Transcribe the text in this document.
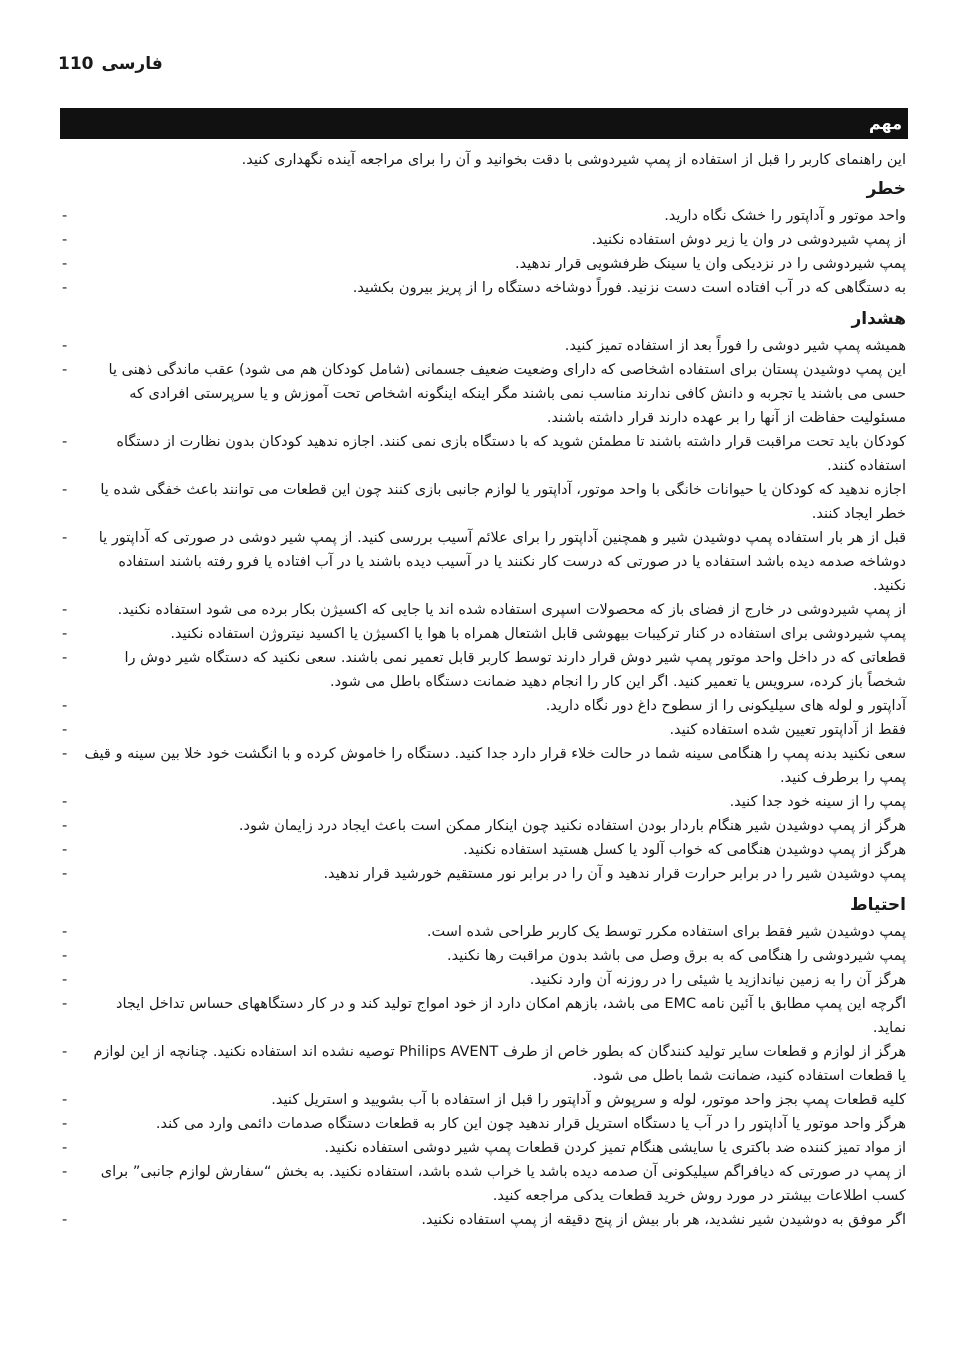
110 فارسی
مهم

این راهنمای کاربر را قبل از استفاده از پمپ شیردوشی با دقت بخوانید و آن را برای مراجعه آینده نگهداری کنید.

خطر
واحد موتور و آداپتور را خشک نگاه دارید. -
از پمپ شیردوشی در وان یا زیر دوش استفاده نکنید. -
پمپ شیردوشی را در نزدیکی وان یا سینک ظرفشویی قرار ندهید. -
به دستگاهی که در آب افتاده است دست نزنید. فوراً دوشاخه دستگاه را از پریز بیرون بکشید. -
هشدار
همیشه پمپ شیر دوشی را فوراً بعد از استفاده تمیز کنید. -
این پمپ دوشیدن پستان برای استفاده اشخاصی که دارای وضعیت ضعیف جسمانی (شامل کودکان هم می شود) عقب ماندگی ذهنی یا حسی می باشند یا تجربه و دانش کافی ندارند مناسب نمی باشند مگر اینکه اینگونه اشخاص تحت آموزش و یا سرپرستی افرادی که مسئولیت حفاظت از آنها را بر عهده دارند قرار داشته باشند. -
کودکان باید تحت مراقبت قرار داشته باشند تا مطمئن شوید که با دستگاه بازی نمی کنند. اجازه ندهید کودکان بدون نظارت از دستگاه استفاده کنند. -
اجازه ندهید که کودکان یا حیوانات خانگی با واحد موتور، آداپتور یا لوازم جانبی بازی کنند چون این قطعات می توانند باعث خفگی شده یا خطر ایجاد کنند. -
قبل از هر بار استفاده پمپ دوشیدن شیر و همچنین آداپتور را برای علائم آسیب بررسی کنید. از پمپ شیر دوشی در صورتی که آداپتور یا دوشاخه صدمه دیده باشد استفاده یا در صورتی که درست کار نکنند یا در آسیب دیده باشند یا در آب افتاده یا فرو رفته باشند استفاده نکنید. -
از پمپ شیردوشی در خارج از فضای باز که محصولات اسپری استفاده شده اند یا جایی که اکسیژن بکار برده می شود استفاده نکنید. -
پمپ شیردوشی برای استفاده در کنار ترکیبات بیهوشی قابل اشتعال همراه با هوا یا اکسیژن یا اکسید نیتروژن استفاده نکنید. -
قطعاتی که در داخل واحد موتور پمپ شیر دوش قرار دارند توسط کاربر قابل تعمیر نمی باشند. سعی نکنید که دستگاه شیر دوش را شخصاً باز کرده، سرویس یا تعمیر کنید. اگر این کار را انجام دهید ضمانت دستگاه باطل می شود. -
آداپتور و لوله های سیلیکونی را از سطوح داغ دور نگاه دارید. -
فقط از آداپتور تعیین شده استفاده کنید. -
سعی نکنید بدنه پمپ را هنگامی سینه شما در حالت خلاء قرار دارد جدا کنید. دستگاه را خاموش کرده و با انگشت خود خلا بین سینه و قیف پمپ را برطرف کنید. -
پمپ را از سینه خود جدا کنید. -
هرگز از پمپ دوشیدن شیر هنگام باردار بودن استفاده نکنید چون اینکار ممکن است باعث ایجاد درد زایمان شود. -
هرگز از پمپ دوشیدن هنگامی که خواب آلود یا کسل هستید استفاده نکنید. -
پمپ دوشیدن شیر را در برابر حرارت قرار ندهید و آن را در برابر نور مستقیم خورشید قرار ندهید. -
احتیاط
پمپ دوشیدن شیر فقط برای استفاده مکرر توسط یک کاربر طراحی شده است. -
پمپ شیردوشی را هنگامی که به برق وصل می باشد بدون مراقبت رها نکنید. -
هرگز آن را به زمین نیاندازید یا شیئی را در روزنه آن وارد نکنید. -
اگرچه این پمپ مطابق با آئین نامه EMC می باشد، بازهم امکان دارد از خود امواج تولید کند و در کار دستگاههای حساس تداخل ایجاد نماید. -
هرگز از لوازم و قطعات سایر تولید کنندگان که بطور خاص از طرف Philips AVENT توصیه نشده اند استفاده نکنید. چنانچه از این لوازم یا قطعات استفاده کنید، ضمانت شما باطل می شود. -
کلیه قطعات پمپ بجز واحد موتور، لوله و سرپوش و آداپتور را قبل از استفاده با آب بشویید و استریل کنید. -
هرگز واحد موتور یا آداپتور را در آب یا دستگاه استریل قرار ندهید چون این کار به قطعات دستگاه صدمات دائمی وارد می کند. -
از مواد تمیز کننده ضد باکتری یا سایشی هنگام تمیز کردن قطعات پمپ شیر دوشی استفاده نکنید. -
از پمپ در صورتی که دیافراگم سیلیکونی آن صدمه دیده باشد یا خراب شده باشد، استفاده نکنید. به بخش “سفارش لوازم جانبی” برای کسب اطلاعات بیشتر در مورد روش خرید قطعات یدکی مراجعه کنید. -
اگر موفق به دوشیدن شیر نشدید، هر بار بیش از پنج دقیقه از پمپ استفاده نکنید. -
